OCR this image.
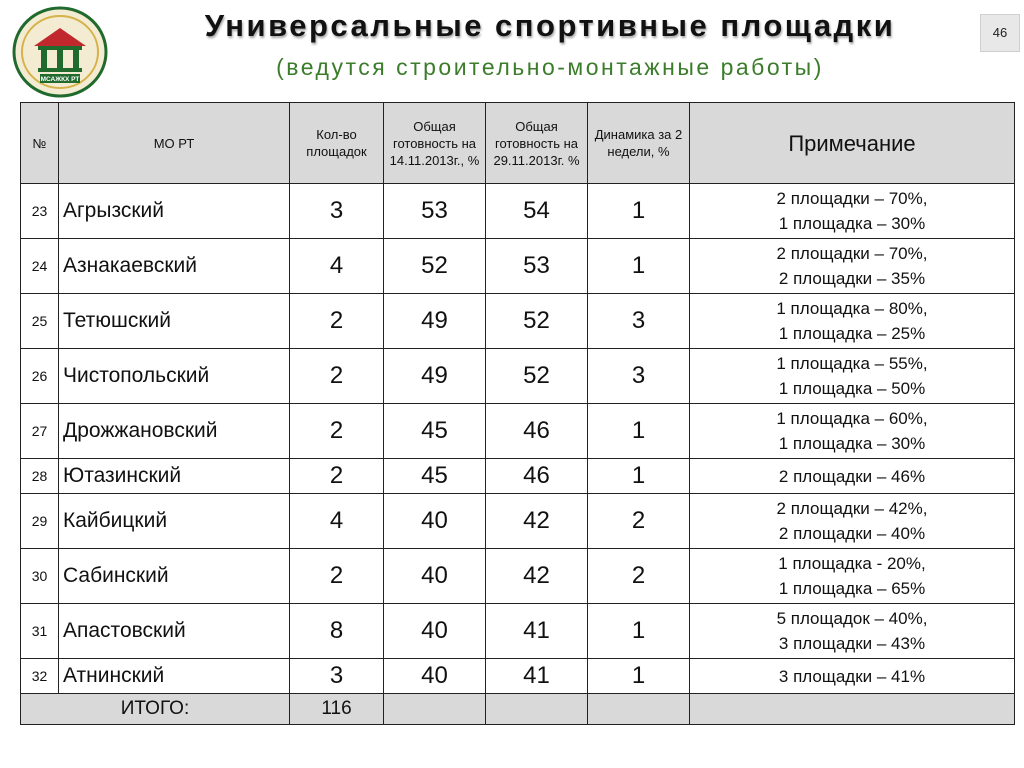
МСАЖКХ РТ
Универсальные спортивные площадки
(ведутся строительно-монтажные работы)
46
№	МО РТ	Кол-во площадок	Общая готовность на 14.11.2013г., %	Общая готовность на 29.11.2013г. %	Динамика за 2 недели, %	Примечание
23	Агрызский	3	53	54	1	2 площадки – 70%,
1 площадка – 30%
24	Азнакаевский	4	52	53	1	2 площадки – 70%,
2 площадки – 35%
25	Тетюшский	2	49	52	3	1 площадка – 80%,
1 площадка – 25%
26	Чистопольский	2	49	52	3	1 площадка – 55%,
1 площадка – 50%
27	Дрожжановский	2	45	46	1	1 площадка – 60%,
1 площадка – 30%
28	Ютазинский	2	45	46	1	2 площадки – 46%
29	Кайбицкий	4	40	42	2	2 площадки – 42%,
2 площадки – 40%
30	Сабинский	2	40	42	2	1 площадка - 20%,
1 площадка – 65%
31	Апастовский	8	40	41	1	5 площадок – 40%,
3 площадки – 43%
32	Атнинский	3	40	41	1	3 площадки – 41%
ИТОГО:		116				
